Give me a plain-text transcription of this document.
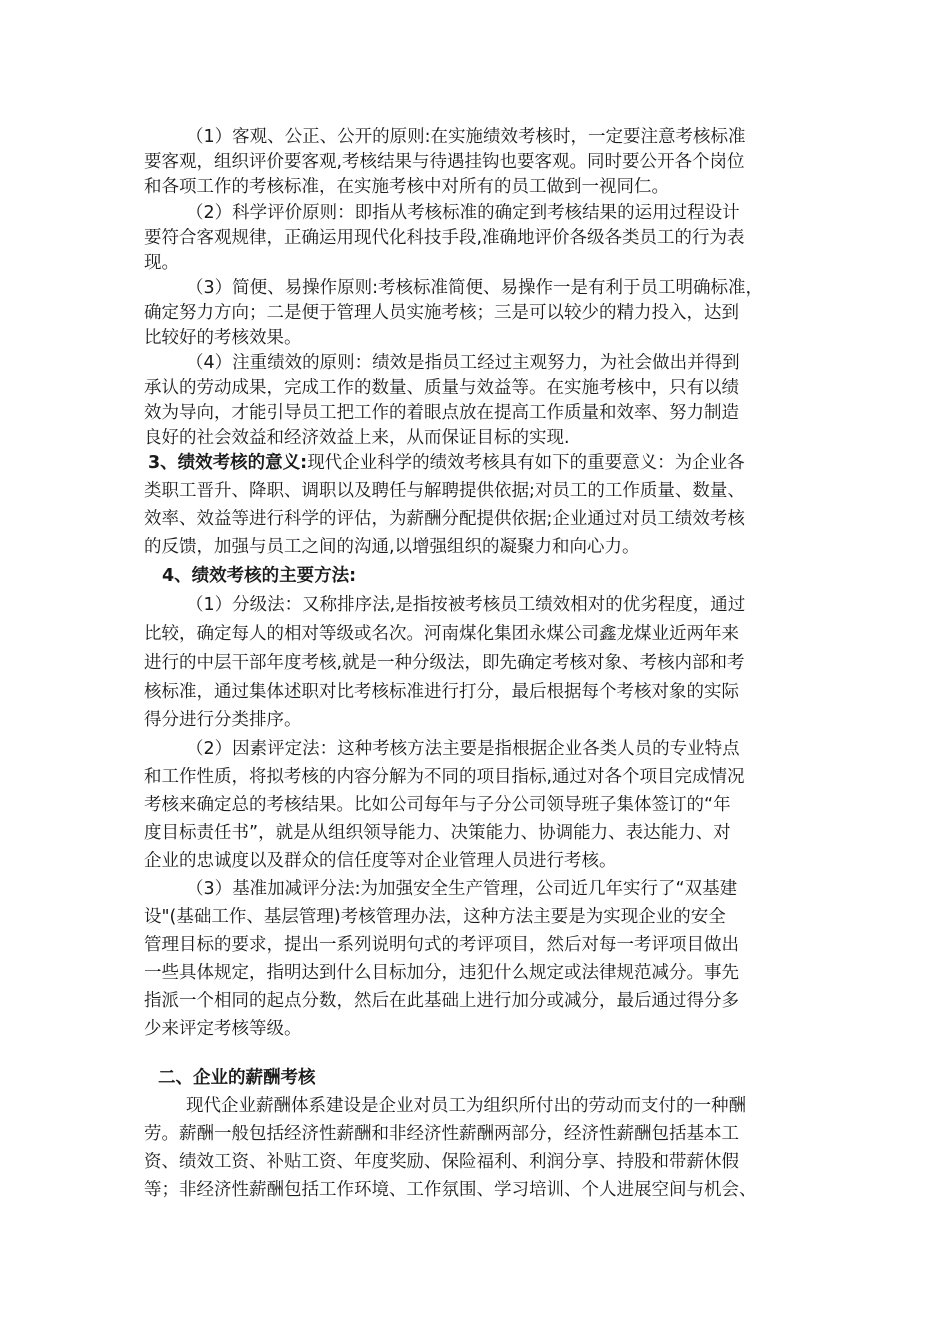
（1）客观、公正、公开的原则:在实施绩效考核时，一定要注意考核标准
要客观，组织评价要客观,考核结果与待遇挂钩也要客观。同时要公开各个岗位
和各项工作的考核标准，在实施考核中对所有的员工做到一视同仁。
（2）科学评价原则：即指从考核标准的确定到考核结果的运用过程设计
要符合客观规律，正确运用现代化科技手段,准确地评价各级各类员工的行为表
现。
（3）简便、易操作原则:考核标准简便、易操作一是有利于员工明确标准，
确定努力方向；二是便于管理人员实施考核；三是可以较少的精力投入，达到
比较好的考核效果。
（4）注重绩效的原则：绩效是指员工经过主观努力，为社会做出并得到
承认的劳动成果，完成工作的数量、质量与效益等。在实施考核中，只有以绩
效为导向，才能引导员工把工作的着眼点放在提高工作质量和效率、努力制造
良好的社会效益和经济效益上来，从而保证目标的实现.
3、绩效考核的意义:现代企业科学的绩效考核具有如下的重要意义：为企业各
类职工晋升、降职、调职以及聘任与解聘提供依据;对员工的工作质量、数量、
效率、效益等进行科学的评估，为薪酬分配提供依据;企业通过对员工绩效考核
的反馈，加强与员工之间的沟通,以增强组织的凝聚力和向心力。
4、绩效考核的主要方法:
（1）分级法：又称排序法,是指按被考核员工绩效相对的优劣程度，通过
比较，确定每人的相对等级或名次。河南煤化集团永煤公司鑫龙煤业近两年来
进行的中层干部年度考核,就是一种分级法，即先确定考核对象、考核内部和考
核标准，通过集体述职对比考核标准进行打分，最后根据每个考核对象的实际
得分进行分类排序。
（2）因素评定法：这种考核方法主要是指根据企业各类人员的专业特点
和工作性质，将拟考核的内容分解为不同的项目指标,通过对各个项目完成情况
考核来确定总的考核结果。比如公司每年与子分公司领导班子集体签订的“年
度目标责任书”，就是从组织领导能力、决策能力、协调能力、表达能力、对
企业的忠诚度以及群众的信任度等对企业管理人员进行考核。
（3）基准加减评分法:为加强安全生产管理，公司近几年实行了“双基建
设"(基础工作、基层管理)考核管理办法，这种方法主要是为实现企业的安全
管理目标的要求，提出一系列说明句式的考评项目，然后对每一考评项目做出
一些具体规定，指明达到什么目标加分，违犯什么规定或法律规范减分。事先
指派一个相同的起点分数，然后在此基础上进行加分或减分，最后通过得分多
少来评定考核等级。
二、企业的薪酬考核
现代企业薪酬体系建设是企业对员工为组织所付出的劳动而支付的一种酬
劳。薪酬一般包括经济性薪酬和非经济性薪酬两部分，经济性薪酬包括基本工
资、绩效工资、补贴工资、年度奖励、保险福利、利润分享、持股和带薪休假
等；非经济性薪酬包括工作环境、工作氛围、学习培训、个人进展空间与机会、
